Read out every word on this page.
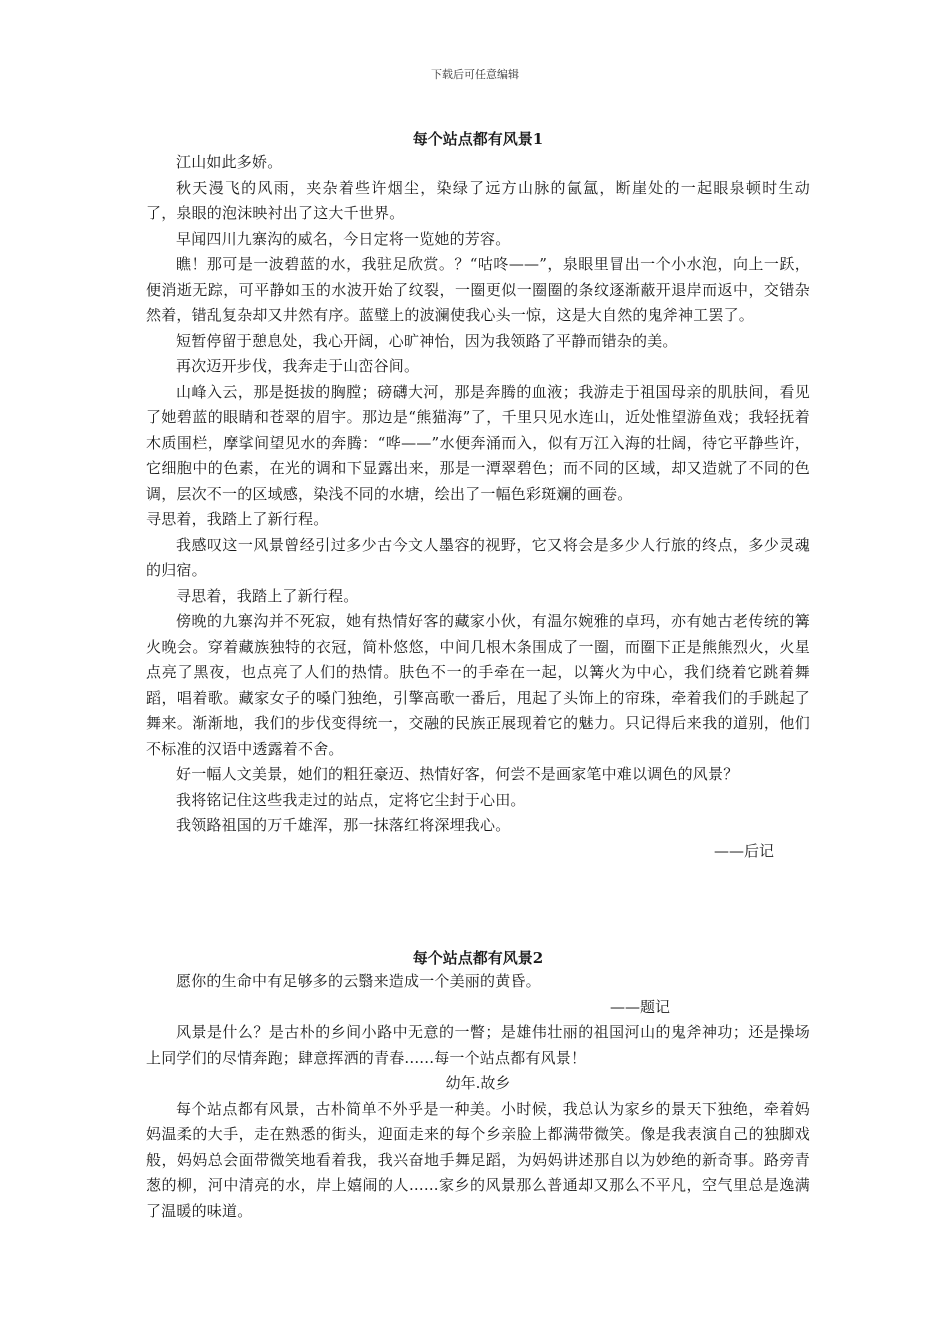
下载后可任意编辑
每个站点都有风景1

江山如此多娇。

秋天漫飞的风雨，夹杂着些许烟尘，染绿了远方山脉的氤氲，断崖处的一起眼泉顿时生动　了，泉眼的泡沫映衬出了这大千世界。

早闻四川九寨沟的威名，今日定将一览她的芳容。

瞧！那可是一波碧蓝的水，我驻足欣赏。？“咕咚——”，泉眼里冒出一个小水泡，向上一跃，便消逝无踪，可平静如玉的水波开始了纹裂，一圈更似一圈圈的条纹逐渐蔽开退岸而返中，交错杂然着，错乱复杂却又井然有序。蓝璧上的波澜使我心头一惊，这是大自然的鬼斧神工罢了。

短暂停留于憩息处，我心开阔，心旷神怡，因为我领路了平静而错杂的美。

再次迈开步伐，我奔走于山峦谷间。

山峰入云，那是挺拔的胸膛；磅礴大河，那是奔腾的血液；我游走于祖国母亲的肌肤间，看见了她碧蓝的眼睛和苍翠的眉宇。那边是“熊猫海”了，千里只见水连山，近处惟望游鱼戏；我轻抚着木质围栏，摩挲间望见水的奔腾：“哗——”水便奔涌而入，似有万江入海的壮阔，待它平静些许，它细胞中的色素，在光的调和下显露出来，那是一潭翠碧色；而不同的区域，却又造就了不同的色调，层次不一的区域感，染浅不同的水塘，绘出了一幅色彩斑斓的画卷。

寻思着，我踏上了新行程。

我感叹这一风景曾经引过多少古今文人墨容的视野，它又将会是多少人行旅的终点，多少灵魂的归宿。

寻思着，我踏上了新行程。

傍晚的九寨沟并不死寂，她有热情好客的藏家小伙，有温尔婉雅的卓玛，亦有她古老传统的篝火晚会。穿着藏族独特的衣冠，简朴悠悠，中间几根木条围成了一圈，而圈下正是熊熊烈火，火星点亮了黑夜，也点亮了人们的热情。肤色不一的手牵在一起，以篝火为中心，我们绕着它跳着舞蹈，唱着歌。藏家女子的嗓门独绝，引擎高歌一番后，甩起了头饰上的帘珠，牵着我们的手跳起了舞来。渐渐地，我们的步伐变得统一，交融的民族正展现着它的魅力。只记得后来我的道别，他们不标准的汉语中透露着不舍。

好一幅人文美景，她们的粗狂豪迈、热情好客，何尝不是画家笔中难以调色的风景？

我将铭记住这些我走过的站点，定将它尘封于心田。

我领路祖国的万千雄浑，那一抹落红将深埋我心。

——后记

每个站点都有风景2

愿你的生命中有足够多的云翳来造成一个美丽的黄昏。

——题记

风景是什么？是古朴的乡间小路中无意的一瞥；是雄伟壮丽的祖国河山的鬼斧神功；还是操场上同学们的尽情奔跑；肆意挥洒的青春......每一个站点都有风景！

幼年.故乡

每个站点都有风景，古朴简单不外乎是一种美。小时候，我总认为家乡的景天下独绝，牵着妈妈温柔的大手，走在熟悉的街头，迎面走来的每个乡亲脸上都满带微笑。像是我表演自己的独脚戏般，妈妈总会面带微笑地看着我，我兴奋地手舞足蹈，为妈妈讲述那自以为妙绝的新奇事。路旁青葱的柳，河中清亮的水，岸上嬉闹的人......家乡的风景那么普通却又那么不平凡，空气里总是逸满了温暖的味道。
